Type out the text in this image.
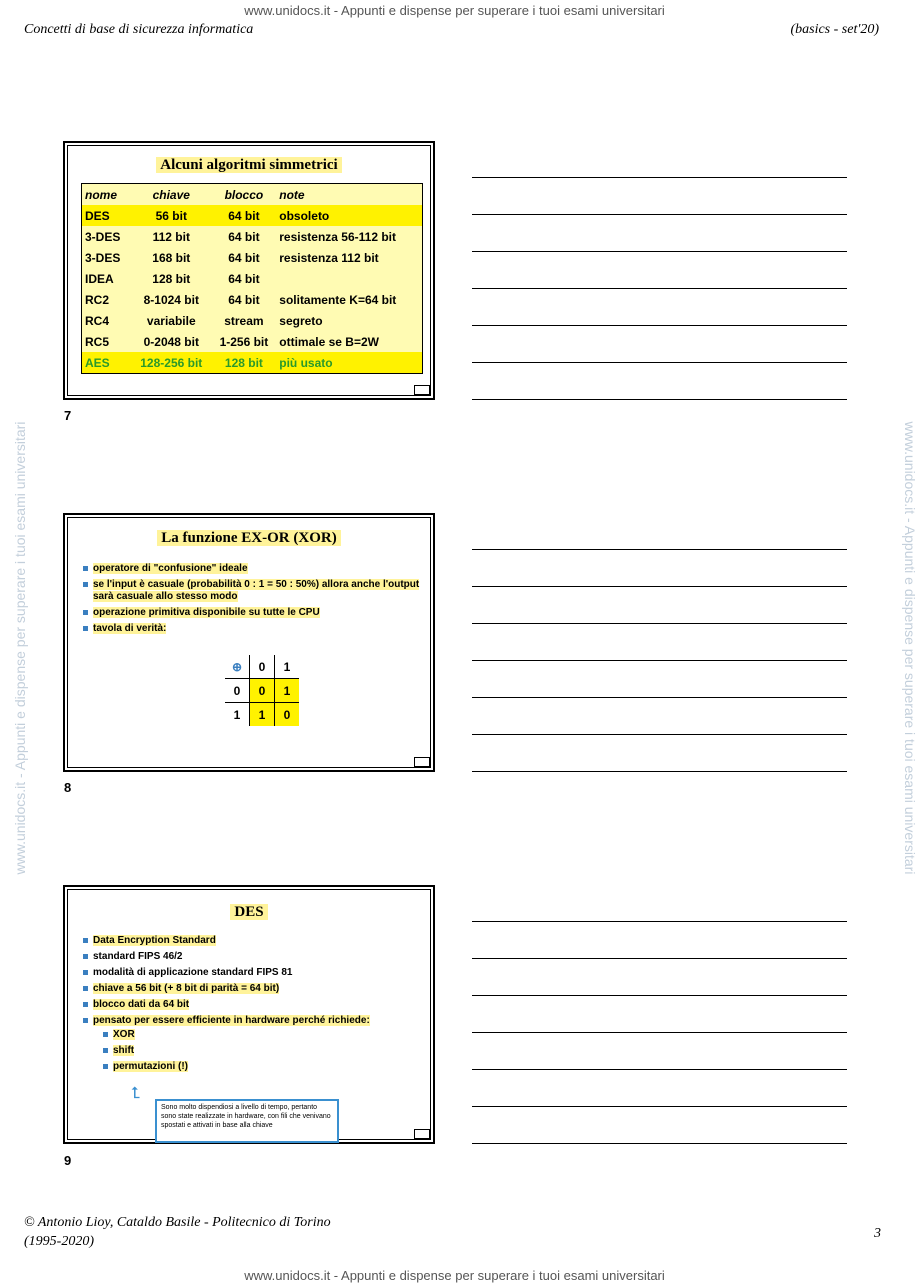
www.unidocs.it - Appunti e dispense per superare i tuoi esami universitari
www.unidocs.it - Appunti e dispense per superare i tuoi esami universitari	www.unidocs.it - Appunti e dispense per superare i tuoi esami universitari
Concetti di base di sicurezza informatica	(basics - set'20)
Alcuni algoritmi simmetrici
nome	chiave	blocco	note
DES	56 bit	64 bit	obsoleto
3-DES	112 bit	64 bit	resistenza 56-112 bit
3-DES	168 bit	64 bit	resistenza 112 bit
IDEA	128 bit	64 bit	
RC2	8-1024 bit	64 bit	solitamente K=64 bit
RC4	variabile	stream	segreto
RC5	0-2048 bit	1-256 bit	ottimale se B=2W
AES	128-256 bit	128 bit	più usato
7
La funzione EX-OR (XOR)
operatore di "confusione" ideale
se l'input è casuale (probabilità 0 : 1 = 50 : 50%) allora anche l'output sarà casuale allo stesso modo
operazione primitiva disponibile su tutte le CPU
tavola di verità:
⊕	0	1
0	0	1
1	1	0
8
DES
Data Encryption Standard
standard FIPS 46/2
modalità di applicazione standard FIPS 81
chiave a 56 bit (+ 8 bit di parità = 64 bit)
blocco dati da 64 bit
pensato per essere efficiente in hardware perché richiede:
XOR
shift
permutazioni (!)
⮤
Sono molto dispendiosi a livello di tempo, pertanto sono state realizzate in hardware, con fili che venivano spostati e attivati in base alla chiave
9
© Antonio Lioy, Cataldo Basile - Politecnico di Torino
(1995-2020)
3
www.unidocs.it - Appunti e dispense per superare i tuoi esami universitari
